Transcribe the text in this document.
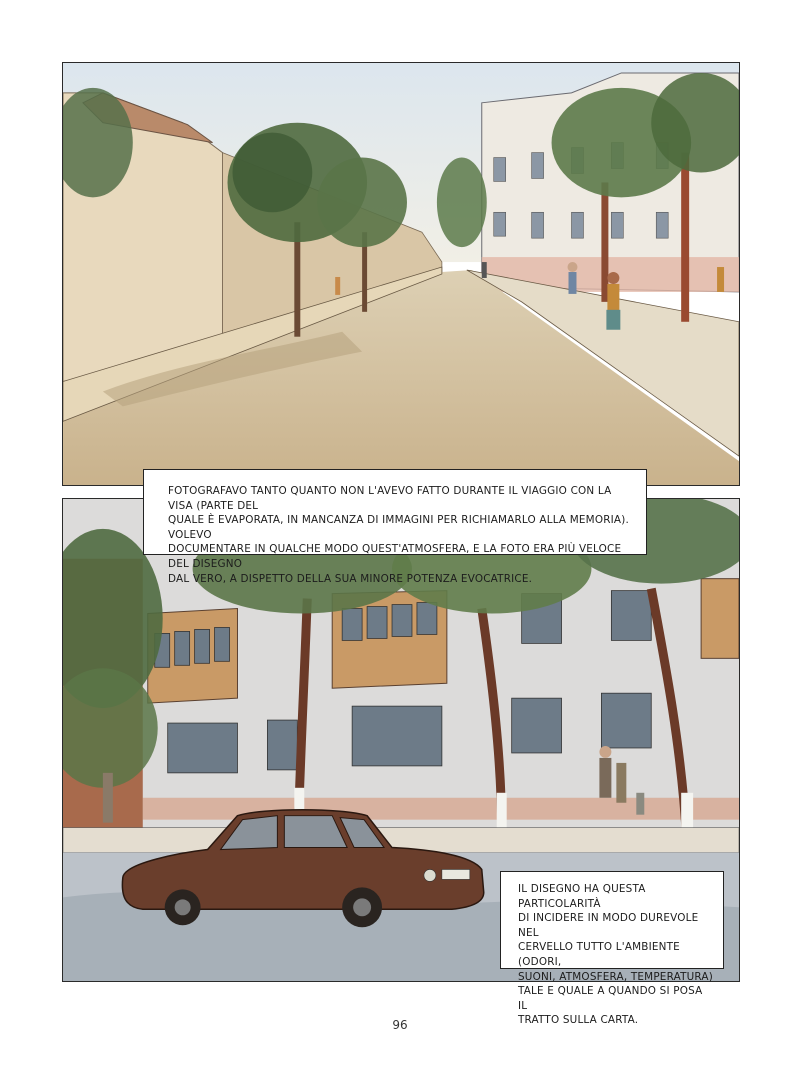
FOTOGRAFAVO TANTO QUANTO NON L'AVEVO FATTO DURANTE IL VIAGGIO CON LA VISA (PARTE DEL
QUALE È EVAPORATA, IN MANCANZA DI IMMAGINI PER RICHIAMARLO ALLA MEMORIA). VOLEVO
DOCUMENTARE IN QUALCHE MODO QUEST'ATMOSFERA, E LA FOTO ERA PIÙ VELOCE DEL DISEGNO
DAL VERO, A DISPETTO DELLA SUA MINORE POTENZA EVOCATRICE.
IL DISEGNO HA QUESTA PARTICOLARITÀ
DI INCIDERE IN MODO DUREVOLE NEL
CERVELLO TUTTO L'AMBIENTE (ODORI,
SUONI, ATMOSFERA, TEMPERATURA)
TALE E QUALE A QUANDO SI POSA IL
TRATTO SULLA CARTA.
96
